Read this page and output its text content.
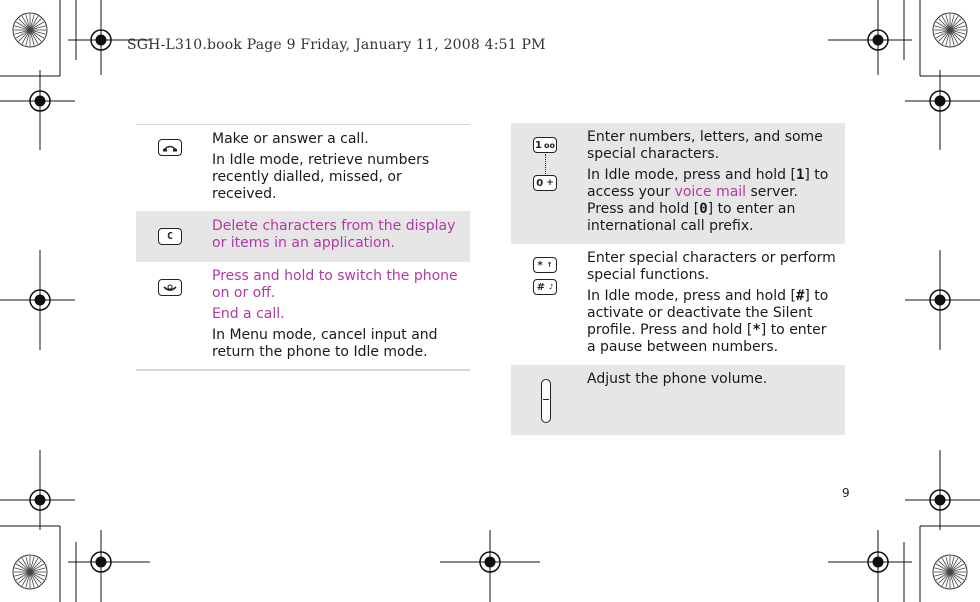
SGH-L310.book Page 9 Friday, January 11, 2008 4:51 PM

Make or answer a call.

In Idle mode, retrieve numbers recently dialled, missed, or received.

C

Delete characters from the display or items in an application.

Press and hold to switch the phone on or off.

End a call.

In Menu mode, cancel input and return the phone to Idle mode.

1 oo
0 +

Enter numbers, letters, and some special characters.

In Idle mode, press and hold [1] to access your voice mail server. Press and hold [0] to enter an international call prefix.

* ↑
# ♪

Enter special characters or perform special functions.

In Idle mode, press and hold [#] to activate or deactivate the Silent profile. Press and hold [*] to enter a pause between numbers.

Adjust the phone volume.

9
